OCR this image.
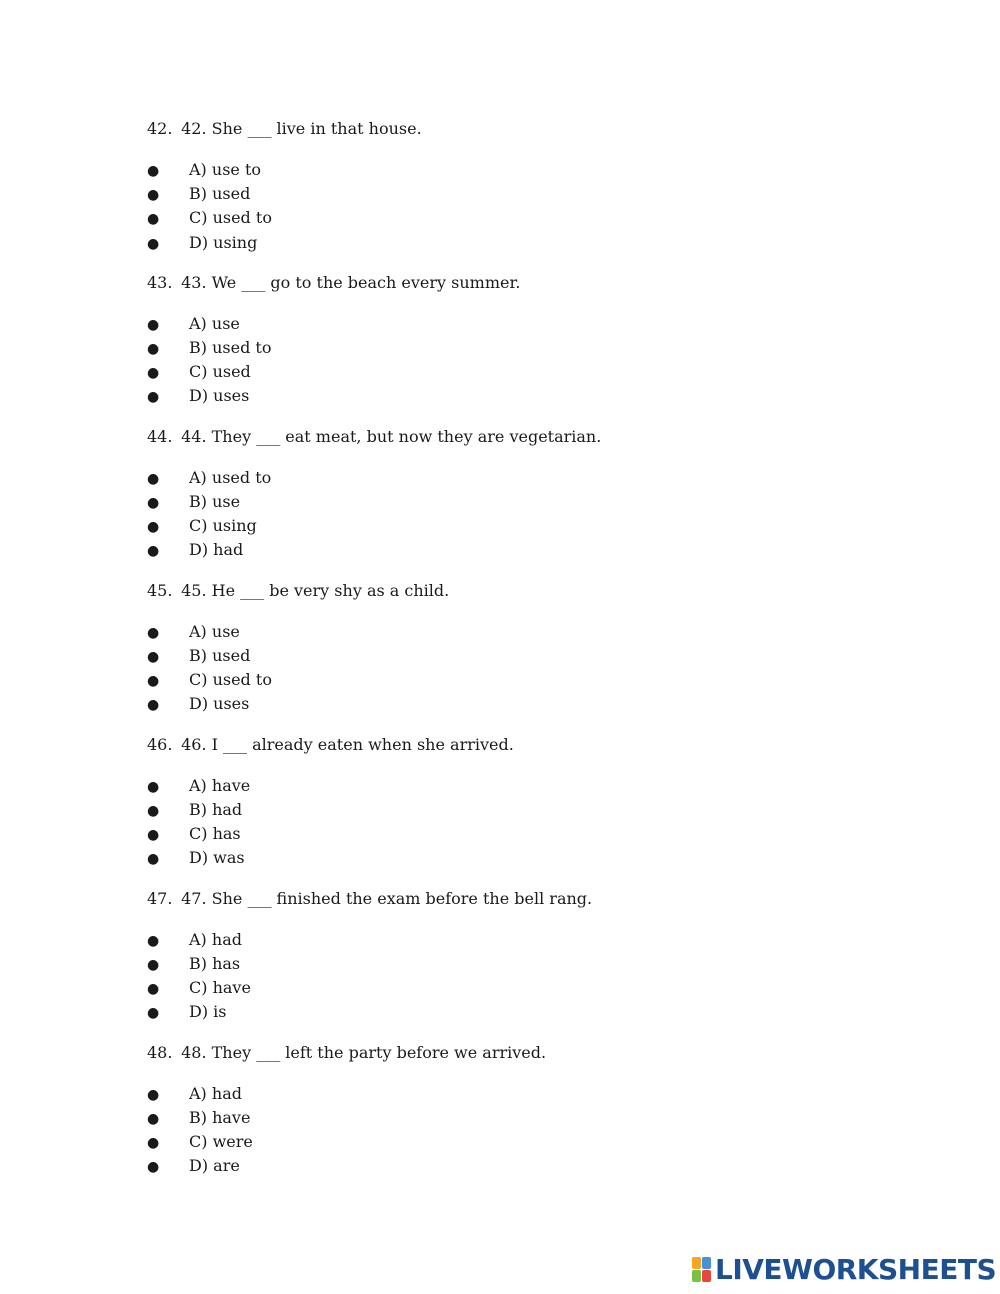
42. 42. She ___ live in that house.
● A) use to
● B) used
● C) used to
● D) using
43. 43. We ___ go to the beach every summer.
● A) use
● B) used to
● C) used
● D) uses
44. 44. They ___ eat meat, but now they are vegetarian.
● A) used to
● B) use
● C) using
● D) had
45. 45. He ___ be very shy as a child.
● A) use
● B) used
● C) used to
● D) uses
46. 46. I ___ already eaten when she arrived.
● A) have
● B) had
● C) has
● D) was
47. 47. She ___ finished the exam before the bell rang.
● A) had
● B) has
● C) have
● D) is
48. 48. They ___ left the party before we arrived.
● A) had
● B) have
● C) were
● D) are
LIVEWORKSHEETS
